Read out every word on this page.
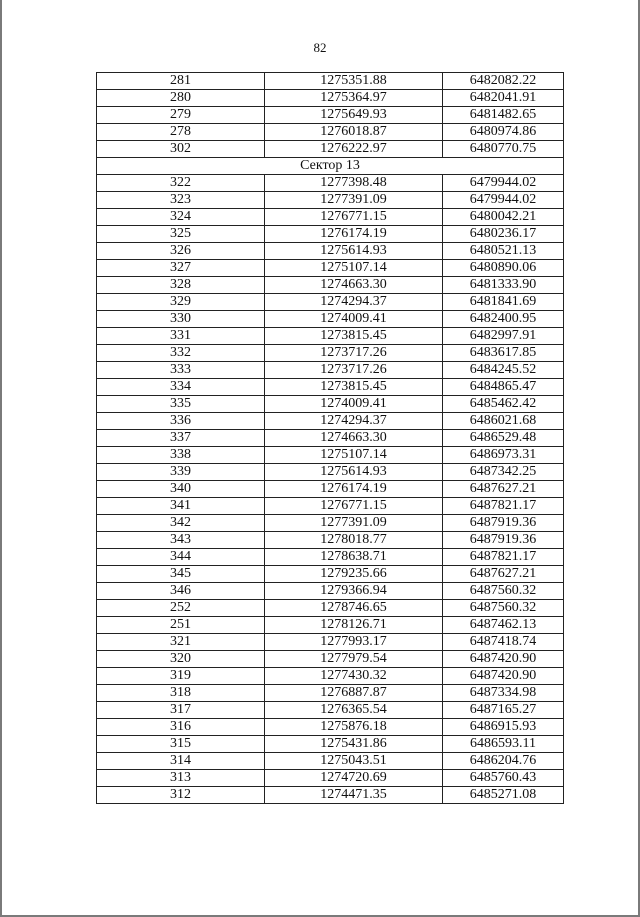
82
281	1275351.88	6482082.22
280	1275364.97	6482041.91
279	1275649.93	6481482.65
278	1276018.87	6480974.86
302	1276222.97	6480770.75
Сектор 13		
322	1277398.48	6479944.02
323	1277391.09	6479944.02
324	1276771.15	6480042.21
325	1276174.19	6480236.17
326	1275614.93	6480521.13
327	1275107.14	6480890.06
328	1274663.30	6481333.90
329	1274294.37	6481841.69
330	1274009.41	6482400.95
331	1273815.45	6482997.91
332	1273717.26	6483617.85
333	1273717.26	6484245.52
334	1273815.45	6484865.47
335	1274009.41	6485462.42
336	1274294.37	6486021.68
337	1274663.30	6486529.48
338	1275107.14	6486973.31
339	1275614.93	6487342.25
340	1276174.19	6487627.21
341	1276771.15	6487821.17
342	1277391.09	6487919.36
343	1278018.77	6487919.36
344	1278638.71	6487821.17
345	1279235.66	6487627.21
346	1279366.94	6487560.32
252	1278746.65	6487560.32
251	1278126.71	6487462.13
321	1277993.17	6487418.74
320	1277979.54	6487420.90
319	1277430.32	6487420.90
318	1276887.87	6487334.98
317	1276365.54	6487165.27
316	1275876.18	6486915.93
315	1275431.86	6486593.11
314	1275043.51	6486204.76
313	1274720.69	6485760.43
312	1274471.35	6485271.08
